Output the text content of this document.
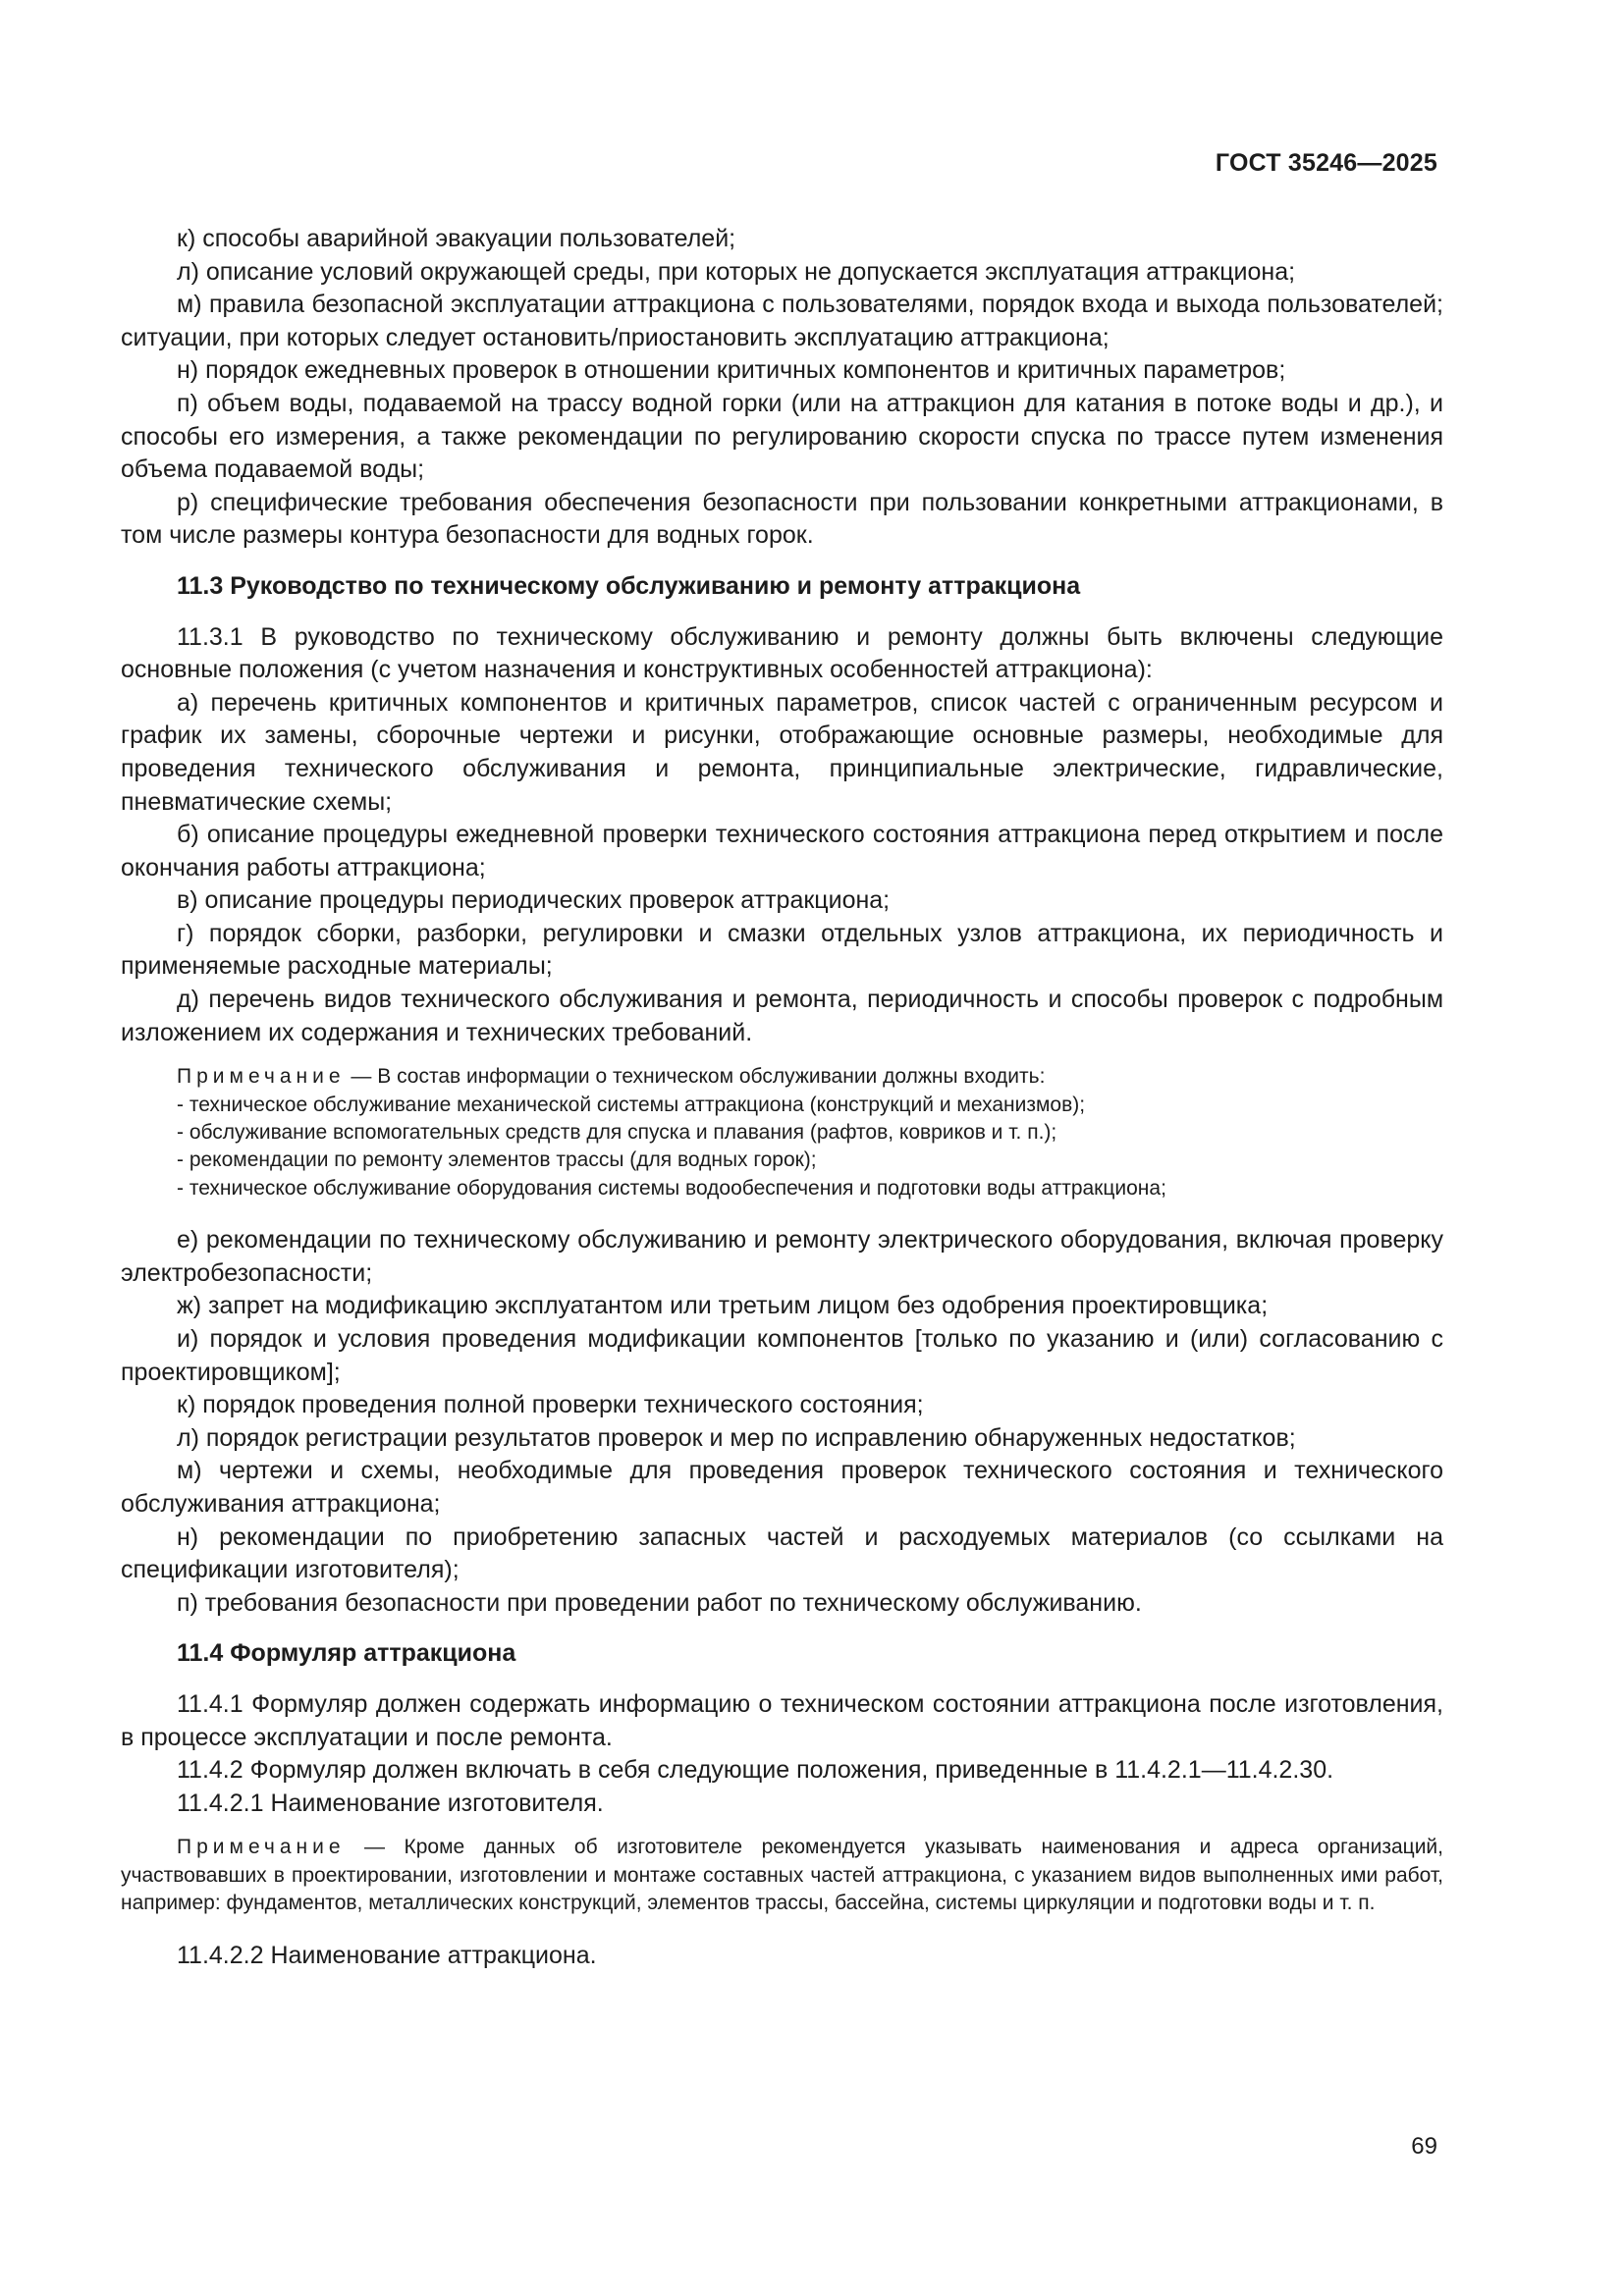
ГОСТ 35246—2025

к) способы аварийной эвакуации пользователей;

л) описание условий окружающей среды, при которых не допускается эксплуатация аттракциона;

м) правила безопасной эксплуатации аттракциона с пользователями, порядок входа и выхода пользователей; ситуации, при которых следует остановить/приостановить эксплуатацию аттракциона;

н) порядок ежедневных проверок в отношении критичных компонентов и критичных параметров;

п) объем воды, подаваемой на трассу водной горки (или на аттракцион для катания в потоке воды и др.), и способы его измерения, а также рекомендации по регулированию скорости спуска по трассе путем изменения объема подаваемой воды;

р) специфические требования обеспечения безопасности при пользовании конкретными аттракционами, в том числе размеры контура безопасности для водных горок.

11.3 Руководство по техническому обслуживанию и ремонту аттракциона

11.3.1 В руководство по техническому обслуживанию и ремонту должны быть включены следующие основные положения (с учетом назначения и конструктивных особенностей аттракциона):

а) перечень критичных компонентов и критичных параметров, список частей с ограниченным ресурсом и график их замены, сборочные чертежи и рисунки, отображающие основные размеры, необходимые для проведения технического обслуживания и ремонта, принципиальные электрические, гидравлические, пневматические схемы;

б) описание процедуры ежедневной проверки технического состояния аттракциона перед открытием и после окончания работы аттракциона;

в) описание процедуры периодических проверок аттракциона;

г) порядок сборки, разборки, регулировки и смазки отдельных узлов аттракциона, их периодичность и применяемые расходные материалы;

д) перечень видов технического обслуживания и ремонта, периодичность и способы проверок с подробным изложением их содержания и технических требований.

Примечание — В состав информации о техническом обслуживании должны входить:
- техническое обслуживание механической системы аттракциона (конструкций и механизмов);
- обслуживание вспомогательных средств для спуска и плавания (рафтов, ковриков и т. п.);
- рекомендации по ремонту элементов трассы (для водных горок);
- техническое обслуживание оборудования системы водообеспечения и подготовки воды аттракциона;

е) рекомендации по техническому обслуживанию и ремонту электрического оборудования, включая проверку электробезопасности;

ж) запрет на модификацию эксплуатантом или третьим лицом без одобрения проектировщика;

и) порядок и условия проведения модификации компонентов [только по указанию и (или) согласованию с проектировщиком];

к) порядок проведения полной проверки технического состояния;

л) порядок регистрации результатов проверок и мер по исправлению обнаруженных недостатков;

м) чертежи и схемы, необходимые для проведения проверок технического состояния и технического обслуживания аттракциона;

н) рекомендации по приобретению запасных частей и расходуемых материалов (со ссылками на спецификации изготовителя);

п) требования безопасности при проведении работ по техническому обслуживанию.

11.4 Формуляр аттракциона

11.4.1 Формуляр должен содержать информацию о техническом состоянии аттракциона после изготовления, в процессе эксплуатации и после ремонта.

11.4.2 Формуляр должен включать в себя следующие положения, приведенные в 11.4.2.1—11.4.2.30.

11.4.2.1 Наименование изготовителя.

Примечание — Кроме данных об изготовителе рекомендуется указывать наименования и адреса организаций, участвовавших в проектировании, изготовлении и монтаже составных частей аттракциона, с указанием видов выполненных ими работ, например: фундаментов, металлических конструкций, элементов трассы, бассейна, системы циркуляции и подготовки воды и т. п.

11.4.2.2 Наименование аттракциона.

69
